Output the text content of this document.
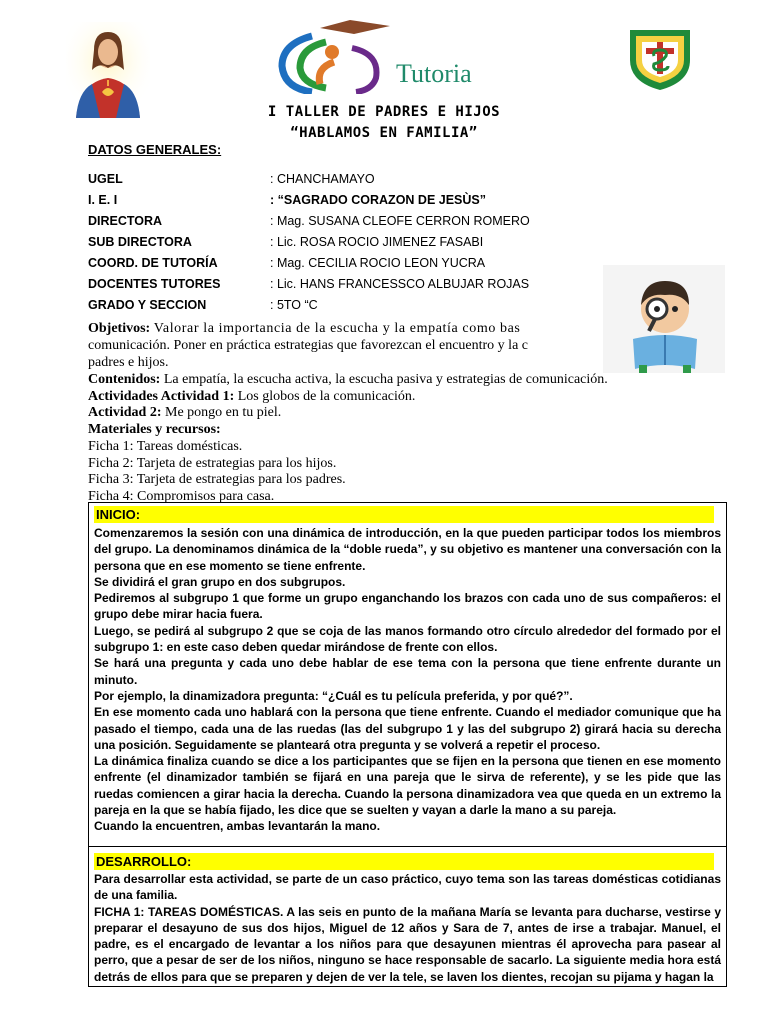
Tutoria
I TALLER DE PADRES E HIJOS
“HABLAMOS EN FAMILIA”
DATOS GENERALES:
UGEL	: CHANCHAMAYO
I. E. I	: “SAGRADO CORAZON DE JESÙS”
DIRECTORA	: Mag. SUSANA CLEOFE CERRON ROMERO
SUB DIRECTORA	: Lic. ROSA ROCIO JIMENEZ FASABI
COORD. DE TUTORÍA	: Mag. CECILIA ROCIO LEON YUCRA
DOCENTES TUTORES	: Lic. HANS FRANCESSCO ALBUJAR ROJAS
GRADO Y SECCION	: 5TO “C
Objetivos: Valorar la importancia de la escucha y la empatía como bas
comunicación. Poner en práctica estrategias que favorezcan el encuentro y la c
padres e hijos.
Contenidos: La empatía, la escucha activa, la escucha pasiva y estrategias de comunicación.
Actividades Actividad 1: Los globos de la comunicación.
Actividad 2: Me pongo en tu piel.
Materiales y recursos:
Ficha 1: Tareas domésticas.
Ficha 2: Tarjeta de estrategias para los hijos.
Ficha 3: Tarjeta de estrategias para los padres.
Ficha 4: Compromisos para casa.
INICIO:

Comenzaremos la sesión con una dinámica de introducción, en la que pueden participar todos los miembros del grupo. La denominamos dinámica de la “doble rueda”, y su objetivo es mantener una conversación con la persona que en ese momento se tiene enfrente.

Se dividirá el gran grupo en dos subgrupos.

Pediremos al subgrupo 1 que forme un grupo enganchando los brazos con cada uno de sus compañeros: el grupo debe mirar hacia fuera.

Luego, se pedirá al subgrupo 2 que se coja de las manos formando otro círculo alrededor del formado por el subgrupo 1: en este caso deben quedar mirándose de frente con ellos.

Se hará una pregunta y cada uno debe hablar de ese tema con la persona que tiene enfrente durante un minuto.

Por ejemplo, la dinamizadora pregunta: “¿Cuál es tu película preferida, y por qué?”.

En ese momento cada uno hablará con la persona que tiene enfrente. Cuando el mediador comunique que ha pasado el tiempo, cada una de las ruedas (las del subgrupo 1 y las del subgrupo 2) girará hacia su derecha una posición. Seguidamente se planteará otra pregunta y se volverá a repetir el proceso.

La dinámica finaliza cuando se dice a los participantes que se fijen en la persona que tienen en ese momento enfrente (el dinamizador también se fijará en una pareja que le sirva de referente), y se les pide que las ruedas comiencen a girar hacia la derecha. Cuando la persona dinamizadora vea que queda en un extremo la pareja en la que se había fijado, les dice que se suelten y vayan a darle la mano a su pareja.

Cuando la encuentren, ambas levantarán la mano.

DESARROLLO:

Para desarrollar esta actividad, se parte de un caso práctico, cuyo tema son las tareas domésticas cotidianas de una familia.

FICHA 1: TAREAS DOMÉSTICAS. A las seis en punto de la mañana María se levanta para ducharse, vestirse y preparar el desayuno de sus dos hijos, Miguel de 12 años y Sara de 7, antes de irse a trabajar. Manuel, el padre, es el encargado de levantar a los niños para que desayunen mientras él aprovecha para pasear al perro, que a pesar de ser de los niños, ninguno se hace responsable de sacarlo. La siguiente media hora está detrás de ellos para que se preparen y dejen de ver la tele, se laven los dientes, recojan su pijama y hagan la
